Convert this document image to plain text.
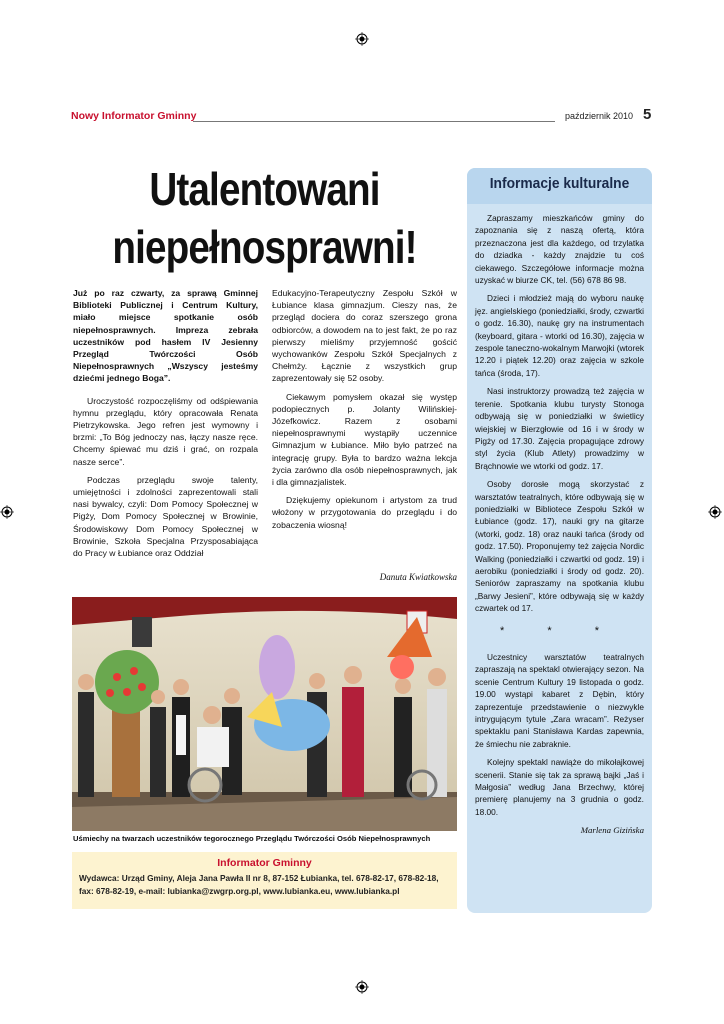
Nowy Informator Gminny	październik 2010 5
Utalentowani
niepełnosprawni!

Już po raz czwarty, za sprawą Gminnej Biblioteki Publicznej i Centrum Kultury, miało miejsce spotkanie osób niepełnosprawnych. Impreza zebrała uczestników pod hasłem IV Jesienny Przegląd Twórczości Osób Niepełnosprawnych „Wszyscy jesteśmy dziećmi jednego Boga”.

Uroczystość rozpoczęliśmy od odśpiewania hymnu przeglądu, który opracowała Renata Pietrzykowska. Jego refren jest wymowny i brzmi: „To Bóg jednoczy nas, łączy nasze ręce. Chcemy śpiewać mu dziś i grać, on rozpala nasze serce”.

Podczas przeglądu swoje talenty, umiejętności i zdolności zaprezentowali stali nasi bywalcy, czyli: Dom Pomocy Społecznej w Pigży, Dom Pomocy Społecznej w Browinie, Środowiskowy Dom Pomocy Społecznej w Browinie, Szkoła Specjalna Przysposabiająca do Pracy w Łubiance oraz Oddział

Edukacyjno-Terapeutyczny Zespołu Szkół w Łubiance klasa gimnazjum. Cieszy nas, że przegląd dociera do coraz szerszego grona odbiorców, a dowodem na to jest fakt, że po raz pierwszy mieliśmy przyjemność gościć wychowanków Zespołu Szkół Specjalnych z Chełmży. Łącznie z wszystkich grup zaprezentowały się 52 osoby.

Ciekawym pomysłem okazał się występ podopiecznych p. Jolanty Wilińskiej-Józefkowicz. Razem z osobami niepełnosprawnymi wystąpiły uczennice Gimnazjum w Łubiance. Miło było patrzeć na integrację grupy. Była to bardzo ważna lekcja życia zarówno dla osób niepełnosprawnych, jak i dla gimnazjalistek.

Dziękujemy opiekunom i artystom za trud włożony w przygotowania do przeglądu i do zobaczenia wiosną!

Danuta Kwiatkowska
Uśmiechy na twarzach uczestników tegorocznego Przeglądu Twórczości Osób Niepełnosprawnych
Informator Gminny
Wydawca: Urząd Gminy, Aleja Jana Pawła II nr 8, 87-152 Łubianka, tel. 678-82-17, 678-82-18, fax: 678-82-19, e-mail: lubianka@zwgrp.org.pl, www.lubianka.eu, www.lubianka.pl
Informacje kulturalne

Zapraszamy mieszkańców gminy do zapoznania się z naszą ofertą, która przeznaczona jest dla każdego, od trzylatka do dziadka - każdy znajdzie tu coś ciekawego. Szczegółowe informacje można uzyskać w biurze CK, tel. (56) 678 86 98.

Dzieci i młodzież mają do wyboru naukę jęz. angielskiego (poniedziałki, środy, czwartki o godz. 16.30), naukę gry na instrumentach (keyboard, gitara - wtorki od 16.30), zajęcia w zespole taneczno-wokalnym Marwojki (wtorek 12.20 i piątek 12.20) oraz zajęcia w szkole tańca (środa, 17).

Nasi instruktorzy prowadzą też zajęcia w terenie. Spotkania klubu turysty Stonoga odbywają się w poniedziałki w świetlicy wiejskiej w Bierzgłowie od 16 i w środy w Pigży od 17.30. Zajęcia propagujące zdrowy styl życia (Klub Atlety) prowadzimy w Brąchnowie we wtorki od godz. 17.

Osoby dorosłe mogą skorzystać z warsztatów teatralnych, które odbywają się w poniedziałki w Bibliotece Zespołu Szkół w Łubiance (godz. 17), nauki gry na gitarze (wtorki, godz. 18) oraz nauki tańca (środy od godz. 17.50). Proponujemy też zajęcia Nordic Walking (poniedziałki i czwartki od godz. 19) i aerobiku (poniedziałki i środy od godz. 20). Seniorów zapraszamy na spotkania klubu „Barwy Jesieni”, które odbywają się w każdy czwartek od 17.

* * *

Uczestnicy warsztatów teatralnych zapraszają na spektakl otwierający sezon. Na scenie Centrum Kultury 19 listopada o godz. 19.00 wystąpi kabaret z Dębin, który zaprezentuje przedstawienie o niezwykle intrygującym tytule „Zara wracam”. Reżyser spektaklu pani Stanisława Kardas zapewnia, że śmiechu nie zabraknie.

Kolejny spektakl nawiąże do mikołajkowej scenerii. Stanie się tak za sprawą bajki „Jaś i Małgosia” według Jana Brzechwy, której premierę planujemy na 3 grudnia o godz. 18.00.

Marlena Gizińska
